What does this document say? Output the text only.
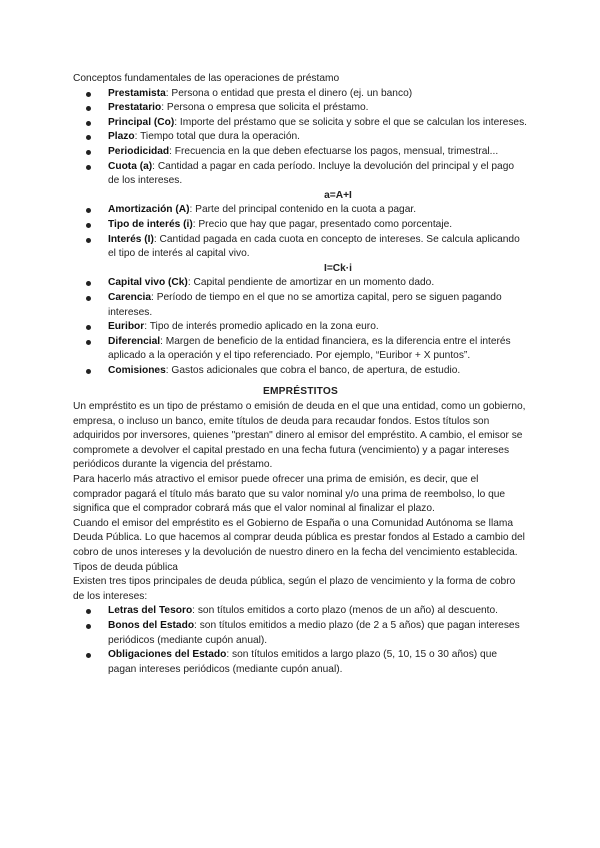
Conceptos fundamentales de las operaciones de préstamo

Prestamista: Persona o entidad que presta el dinero (ej. un banco)
Prestatario: Persona o empresa que solicita el préstamo.
Principal (Co): Importe del préstamo que se solicita y sobre el que se calculan los intereses.
Plazo: Tiempo total que dura la operación.
Periodicidad: Frecuencia en la que deben efectuarse los pagos, mensual, trimestral...
Cuota (a): Cantidad a pagar en cada período. Incluye la devolución del principal y el pago de los intereses.

a=A+I

Amortización (A): Parte del principal contenido en la cuota a pagar.
Tipo de interés (i): Precio que hay que pagar, presentado como porcentaje.
Interés (I): Cantidad pagada en cada cuota en concepto de intereses. Se calcula aplicando el tipo de interés al capital vivo.

I=Ck·i

Capital vivo (Ck): Capital pendiente de amortizar en un momento dado.
Carencia: Período de tiempo en el que no se amortiza capital, pero se siguen pagando intereses.
Euribor: Tipo de interés promedio aplicado en la zona euro.
Diferencial: Margen de beneficio de la entidad financiera, es la diferencia entre el interés aplicado a la operación y el tipo referenciado. Por ejemplo, “Euribor + X puntos”.
Comisiones: Gastos adicionales que cobra el banco, de apertura, de estudio.

EMPRÉSTITOS

Un empréstito es un tipo de préstamo o emisión de deuda en el que una entidad, como un gobierno, empresa, o incluso un banco, emite títulos de deuda para recaudar fondos. Estos títulos son adquiridos por inversores, quienes "prestan" dinero al emisor del empréstito. A cambio, el emisor se compromete a devolver el capital prestado en una fecha futura (vencimiento) y a pagar intereses periódicos durante la vigencia del préstamo.

Para hacerlo más atractivo el emisor puede ofrecer una prima de emisión, es decir, que el comprador pagará el título más barato que su valor nominal y/o una prima de reembolso, lo que significa que el comprador cobrará más que el valor nominal al finalizar el plazo.

Cuando el emisor del empréstito es el Gobierno de España o una Comunidad Autónoma se llama Deuda Pública. Lo que hacemos al comprar deuda pública es prestar fondos al Estado a cambio del cobro de unos intereses y la devolución de nuestro dinero en la fecha del vencimiento establecida.

Tipos de deuda pública

Existen tres tipos principales de deuda pública, según el plazo de vencimiento y la forma de cobro de los intereses:

Letras del Tesoro: son títulos emitidos a corto plazo (menos de un año) al descuento.
Bonos del Estado: son títulos emitidos a medio plazo (de 2 a 5 años) que pagan intereses periódicos (mediante cupón anual).
Obligaciones del Estado: son títulos emitidos a largo plazo (5, 10, 15 o 30 años) que pagan intereses periódicos (mediante cupón anual).
